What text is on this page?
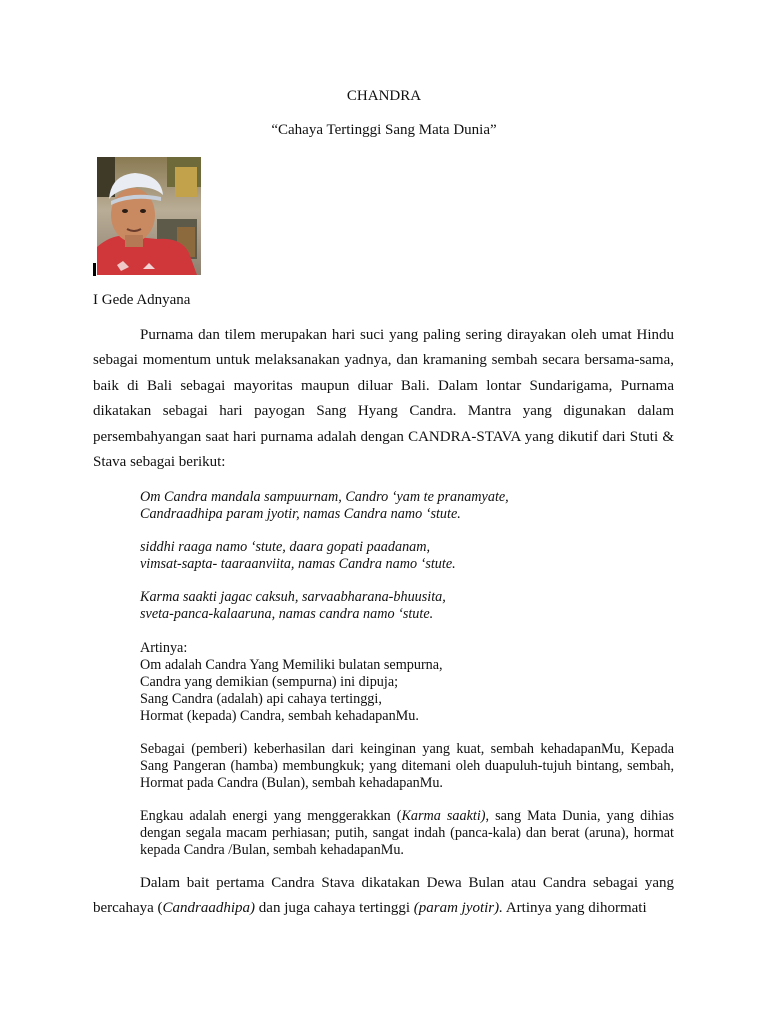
CHANDRA
“Cahaya Tertinggi Sang Mata Dunia”
I Gede Adnyana

Purnama dan tilem merupakan hari suci yang paling sering dirayakan oleh umat Hindu sebagai momentum untuk melaksanakan yadnya, dan kramaning sembah secara bersama-sama, baik di Bali sebagai mayoritas maupun diluar Bali. Dalam lontar Sundarigama, Purnama dikatakan sebagai hari payogan Sang Hyang Candra. Mantra yang digunakan dalam persembahyangan saat hari purnama adalah dengan CANDRA-STAVA yang dikutif dari Stuti & Stava sebagai berikut:

Om Candra mandala sampuurnam, Candro ‘yam te pranamyate,
Candraadhipa param jyotir, namas Candra namo ‘stute.
siddhi raaga namo ‘stute, daara gopati paadanam,
vimsat-sapta- taaraanviita, namas Candra namo ‘stute.
Karma saakti jagac caksuh, sarvaabharana-bhuusita,
sveta-panca-kalaaruna, namas candra namo ‘stute.
Artinya:
Om adalah Candra Yang Memiliki bulatan sempurna,
Candra yang demikian (sempurna) ini dipuja;
Sang Candra (adalah) api cahaya tertinggi,
Hormat (kepada) Candra, sembah kehadapanMu.

Sebagai (pemberi) keberhasilan dari keinginan yang kuat, sembah kehadapanMu, Kepada Sang Pangeran (hamba) membungkuk; yang ditemani oleh duapuluh-tujuh bintang, sembah, Hormat pada Candra (Bulan), sembah kehadapanMu.

Engkau adalah energi yang menggerakkan (Karma saakti), sang Mata Dunia, yang dihias dengan segala macam perhiasan; putih, sangat indah (panca-kala) dan berat (aruna), hormat kepada Candra /Bulan, sembah kehadapanMu.

Dalam bait pertama Candra Stava dikatakan Dewa Bulan atau Candra sebagai yang bercahaya (Candraadhipa) dan juga cahaya tertinggi (param jyotir). Artinya yang dihormati
